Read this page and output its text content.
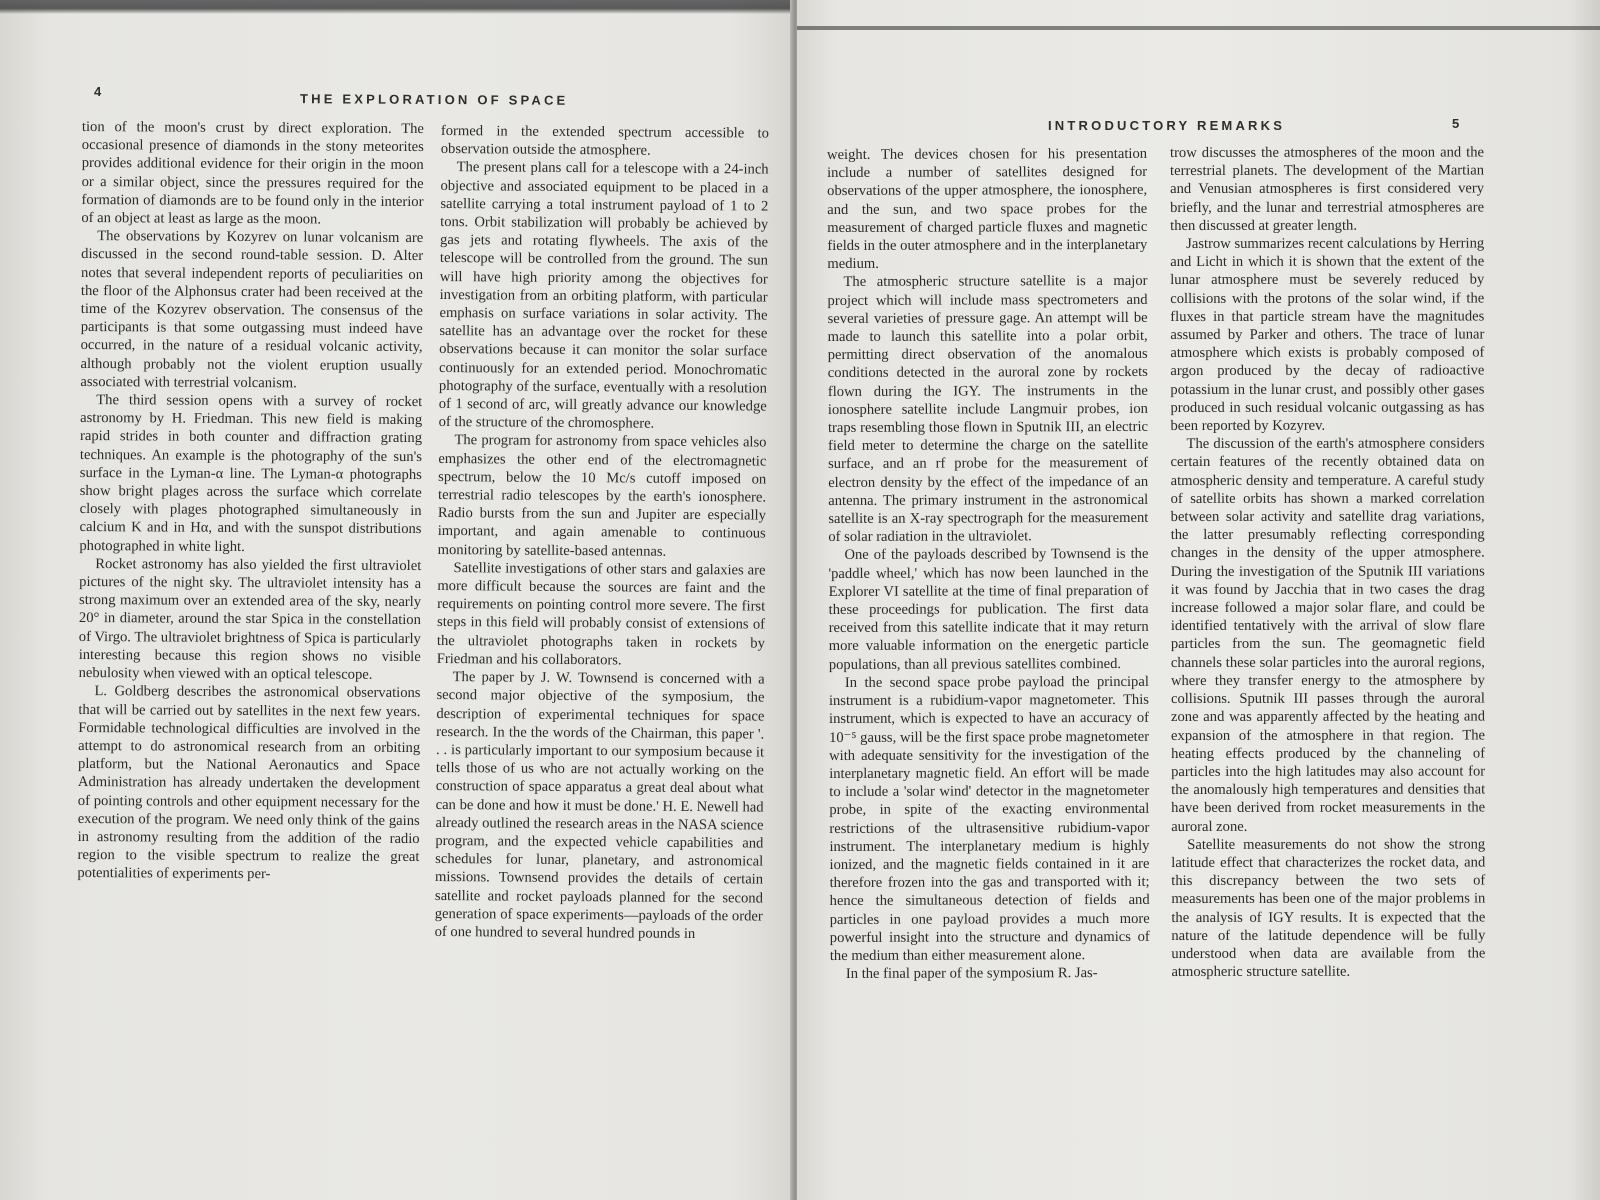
4	THE EXPLORATION OF SPACE

tion of the moon's crust by direct exploration. The occasional presence of diamonds in the stony meteorites provides additional evidence for their origin in the moon or a similar object, since the pressures required for the formation of diamonds are to be found only in the interior of an object at least as large as the moon.

The observations by Kozyrev on lunar volcanism are discussed in the second round-table session. D. Alter notes that several independent reports of peculiarities on the floor of the Alphonsus crater had been received at the time of the Kozyrev observation. The consensus of the participants is that some outgassing must indeed have occurred, in the nature of a residual volcanic activity, although probably not the violent eruption usually associated with terrestrial volcanism.

The third session opens with a survey of rocket astronomy by H. Friedman. This new field is making rapid strides in both counter and diffraction grating techniques. An example is the photography of the sun's surface in the Lyman-α line. The Lyman-α photographs show bright plages across the surface which correlate closely with plages photographed simultaneously in calcium K and in Hα, and with the sunspot distributions photographed in white light.

Rocket astronomy has also yielded the first ultraviolet pictures of the night sky. The ultraviolet intensity has a strong maximum over an extended area of the sky, nearly 20° in diameter, around the star Spica in the constellation of Virgo. The ultraviolet brightness of Spica is particularly interesting because this region shows no visible nebulosity when viewed with an optical telescope.

L. Goldberg describes the astronomical observations that will be carried out by satellites in the next few years. Formidable technological difficulties are involved in the attempt to do astronomical research from an orbiting platform, but the National Aeronautics and Space Administration has already undertaken the development of pointing controls and other equipment necessary for the execution of the program. We need only think of the gains in astronomy resulting from the addition of the radio region to the visible spectrum to realize the great potentialities of experiments per-

formed in the extended spectrum accessible to observation outside the atmosphere.

The present plans call for a telescope with a 24-inch objective and associated equipment to be placed in a satellite carrying a total instrument payload of 1 to 2 tons. Orbit stabilization will probably be achieved by gas jets and rotating flywheels. The axis of the telescope will be controlled from the ground. The sun will have high priority among the objectives for investigation from an orbiting platform, with particular emphasis on surface variations in solar activity. The satellite has an advantage over the rocket for these observations because it can monitor the solar surface continuously for an extended period. Monochromatic photography of the surface, eventually with a resolution of 1 second of arc, will greatly advance our knowledge of the structure of the chromosphere.

The program for astronomy from space vehicles also emphasizes the other end of the electromagnetic spectrum, below the 10 Mc/s cutoff imposed on terrestrial radio telescopes by the earth's ionosphere. Radio bursts from the sun and Jupiter are especially important, and again amenable to continuous monitoring by satellite-based antennas.

Satellite investigations of other stars and galaxies are more difficult because the sources are faint and the requirements on pointing control more severe. The first steps in this field will probably consist of extensions of the ultraviolet photographs taken in rockets by Friedman and his collaborators.

The paper by J. W. Townsend is concerned with a second major objective of the symposium, the description of experimental techniques for space research. In the the words of the Chairman, this paper '. . . is particularly important to our symposium because it tells those of us who are not actually working on the construction of space apparatus a great deal about what can be done and how it must be done.' H. E. Newell had already outlined the research areas in the NASA science program, and the expected vehicle capabilities and schedules for lunar, planetary, and astronomical missions. Townsend provides the details of certain satellite and rocket payloads planned for the second generation of space experiments—payloads of the order of one hundred to several hundred pounds in

5
INTRODUCTORY REMARKS

weight. The devices chosen for his presentation include a number of satellites designed for observations of the upper atmosphere, the ionosphere, and the sun, and two space probes for the measurement of charged particle fluxes and magnetic fields in the outer atmosphere and in the interplanetary medium.

The atmospheric structure satellite is a major project which will include mass spectrometers and several varieties of pressure gage. An attempt will be made to launch this satellite into a polar orbit, permitting direct observation of the anomalous conditions detected in the auroral zone by rockets flown during the IGY. The instruments in the ionosphere satellite include Langmuir probes, ion traps resembling those flown in Sputnik III, an electric field meter to determine the charge on the satellite surface, and an rf probe for the measurement of electron density by the effect of the impedance of an antenna. The primary instrument in the astronomical satellite is an X-ray spectrograph for the measurement of solar radiation in the ultraviolet.

One of the payloads described by Townsend is the 'paddle wheel,' which has now been launched in the Explorer VI satellite at the time of final preparation of these proceedings for publication. The first data received from this satellite indicate that it may return more valuable information on the energetic particle populations, than all previous satellites combined.

In the second space probe payload the principal instrument is a rubidium-vapor magnetometer. This instrument, which is expected to have an accuracy of 10⁻⁵ gauss, will be the first space probe magnetometer with adequate sensitivity for the investigation of the interplanetary magnetic field. An effort will be made to include a 'solar wind' detector in the magnetometer probe, in spite of the exacting environmental restrictions of the ultrasensitive rubidium-vapor instrument. The interplanetary medium is highly ionized, and the magnetic fields contained in it are therefore frozen into the gas and transported with it; hence the simultaneous detection of fields and particles in one payload provides a much more powerful insight into the structure and dynamics of the medium than either measurement alone.

In the final paper of the symposium R. Jas-

trow discusses the atmospheres of the moon and the terrestrial planets. The development of the Martian and Venusian atmospheres is first considered very briefly, and the lunar and terrestrial atmospheres are then discussed at greater length.

Jastrow summarizes recent calculations by Herring and Licht in which it is shown that the extent of the lunar atmosphere must be severely reduced by collisions with the protons of the solar wind, if the fluxes in that particle stream have the magnitudes assumed by Parker and others. The trace of lunar atmosphere which exists is probably composed of argon produced by the decay of radioactive potassium in the lunar crust, and possibly other gases produced in such residual volcanic outgassing as has been reported by Kozyrev.

The discussion of the earth's atmosphere considers certain features of the recently obtained data on atmospheric density and temperature. A careful study of satellite orbits has shown a marked correlation between solar activity and satellite drag variations, the latter presumably reflecting corresponding changes in the density of the upper atmosphere. During the investigation of the Sputnik III variations it was found by Jacchia that in two cases the drag increase followed a major solar flare, and could be identified tentatively with the arrival of slow flare particles from the sun. The geomagnetic field channels these solar particles into the auroral regions, where they transfer energy to the atmosphere by collisions. Sputnik III passes through the auroral zone and was apparently affected by the heating and expansion of the atmosphere in that region. The heating effects produced by the channeling of particles into the high latitudes may also account for the anomalously high temperatures and densities that have been derived from rocket measurements in the auroral zone.

Satellite measurements do not show the strong latitude effect that characterizes the rocket data, and this discrepancy between the two sets of measurements has been one of the major problems in the analysis of IGY results. It is expected that the nature of the latitude dependence will be fully understood when data are available from the atmospheric structure satellite.
